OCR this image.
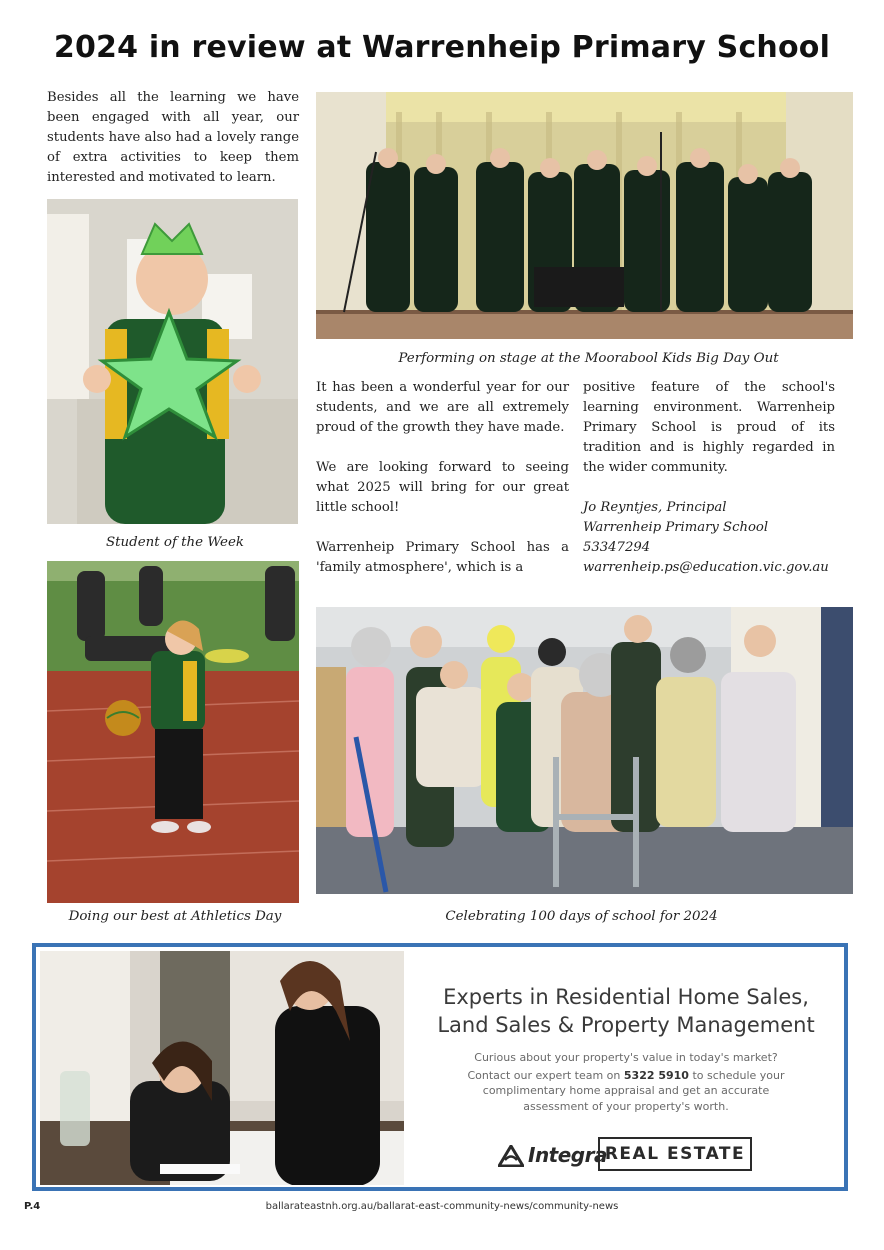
2024 in review at Warrenheip Primary School
Besides all the learning we have been engaged with all year, our students have also had a lovely range of extra activities to keep them interested and motivated to learn.
Performing on stage at the Moorabool Kids Big Day Out
Student of the Week
Doing our best at Athletics Day

It has been a wonderful year for our students, and we are all extremely proud of the growth they have made.

We are looking forward to seeing what 2025 will bring for our great little school!

Warrenheip Primary School has a 'family atmosphere', which is a
positive feature of the school's learning environment. Warrenheip Primary School is proud of its tradition and is highly regarded in the wider community.
Jo Reyntjes, Principal
Warrenheip Primary School
53347294
warrenheip.ps@education.vic.gov.au
Celebrating 100 days of school for 2024
Experts in Residential Home Sales,
Land Sales & Property Management
Curious about your property's value in today's market?
Contact our expert team on 5322 5910 to schedule your complimentary home appraisal and get an accurate assessment of your property's worth.
Integra
REAL ESTATE
P.4	ballarateastnh.org.au/ballarat-east-community-news/community-news
